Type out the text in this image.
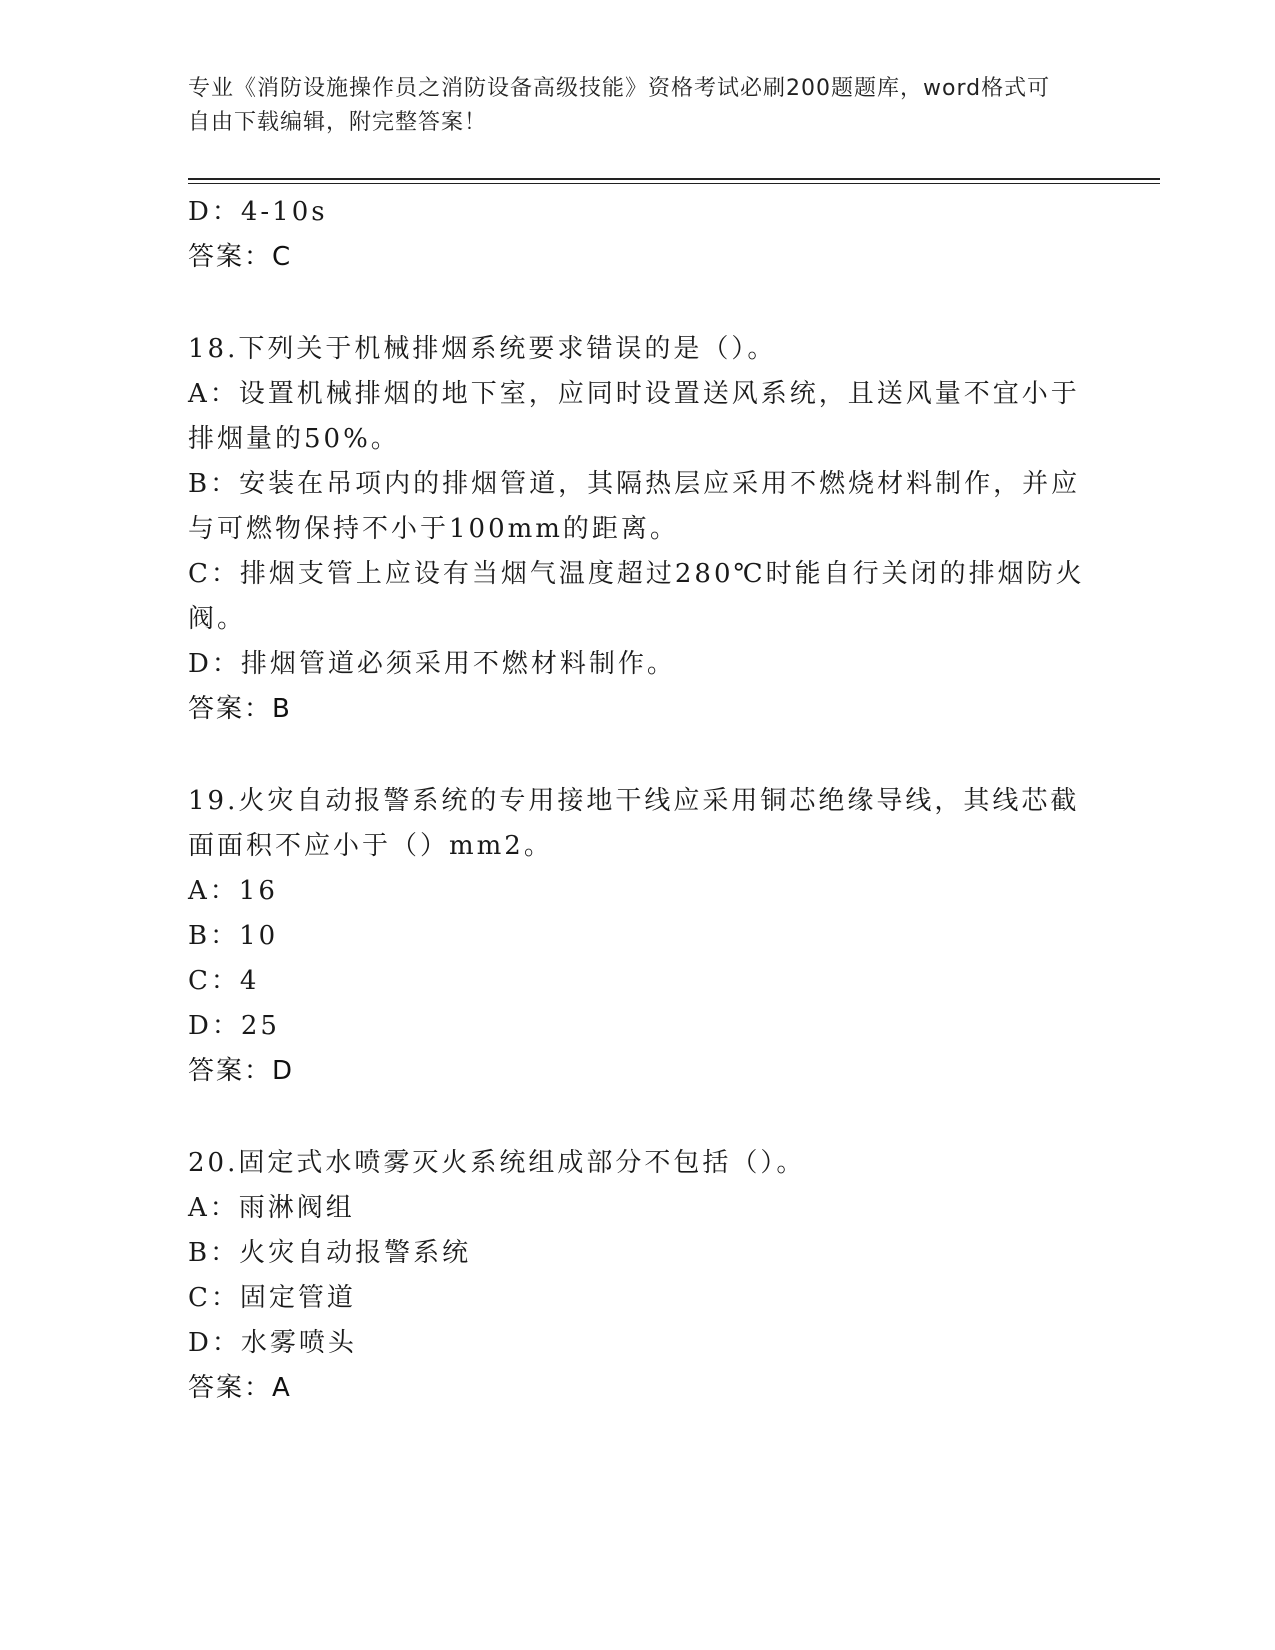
专业《消防设施操作员之消防设备高级技能》资格考试必刷200题题库，word格式可自由下载编辑，附完整答案！
D：4-10s
答案：C
18.下列关于机械排烟系统要求错误的是（）。
A：设置机械排烟的地下室，应同时设置送风系统，且送风量不宜小于排烟量的50%。
B：安装在吊项内的排烟管道，其隔热层应采用不燃烧材料制作，并应与可燃物保持不小于100mm的距离。
C：排烟支管上应设有当烟气温度超过280℃时能自行关闭的排烟防火阀。
D：排烟管道必须采用不燃材料制作。
答案：B
19.火灾自动报警系统的专用接地干线应采用铜芯绝缘导线，其线芯截面面积不应小于（）mm2。
A：16
B：10
C：4
D：25
答案：D
20.固定式水喷雾灭火系统组成部分不包括（）。
A：雨淋阀组
B：火灾自动报警系统
C：固定管道
D：水雾喷头
答案：A
